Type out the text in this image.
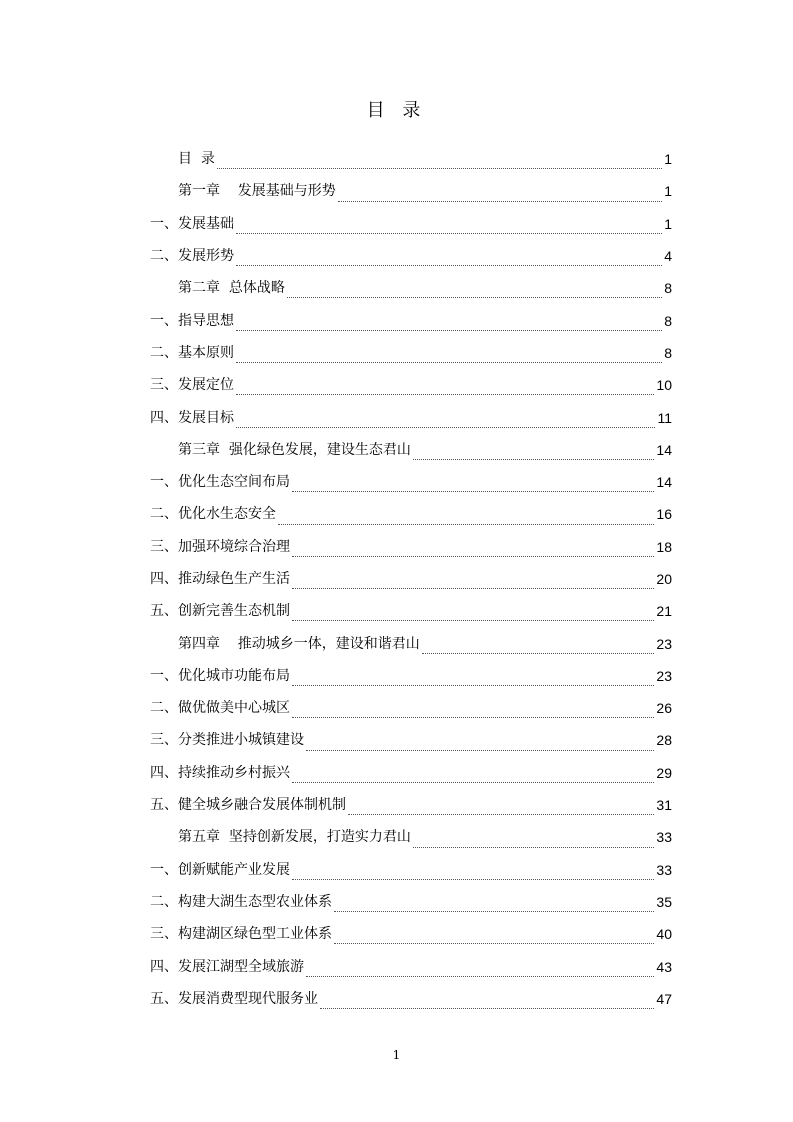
目 录
目  录	1
第一章    发展基础与形势	1
一、发展基础	1
二、发展形势	4
第二章  总体战略	8
一、指导思想	8
二、基本原则	8
三、发展定位	10
四、发展目标	11
第三章  强化绿色发展，建设生态君山	14
一、优化生态空间布局	14
二、优化水生态安全	16
三、加强环境综合治理	18
四、推动绿色生产生活	20
五、创新完善生态机制	21
第四章    推动城乡一体，建设和谐君山	23
一、优化城市功能布局	23
二、做优做美中心城区	26
三、分类推进小城镇建设	28
四、持续推动乡村振兴	29
五、健全城乡融合发展体制机制	31
第五章  坚持创新发展，打造实力君山	33
一、创新赋能产业发展	33
二、构建大湖生态型农业体系	35
三、构建湖区绿色型工业体系	40
四、发展江湖型全域旅游	43
五、发展消费型现代服务业	47
1
